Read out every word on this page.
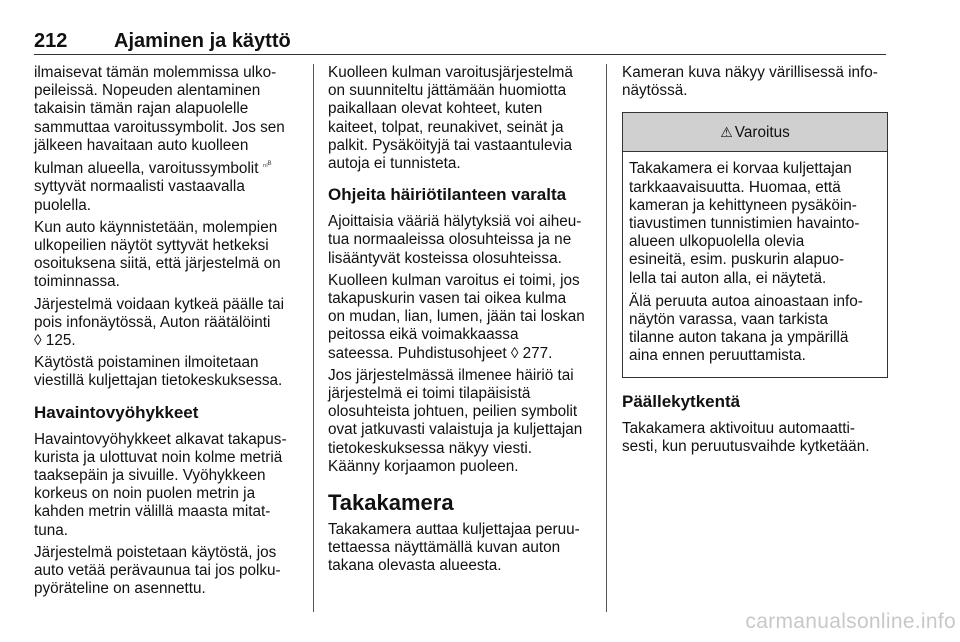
212 Ajaminen ja käyttö

ilmaisevat tämän molemmissa ulko-
peileissä. Nopeuden alentaminen
takaisin tämän rajan alapuolelle
sammuttaa varoitussymbolit. Jos sen
jälkeen havaitaan auto kuolleen
kulman alueella, varoitussymbolit $^{_{nl}ᴮ}$
syttyvät normaalisti vastaavalla
puolella.

Kun auto käynnistetään, molempien
ulkopeilien näytöt syttyvät hetkeksi
osoituksena siitä, että järjestelmä on
toiminnassa.

Järjestelmä voidaan kytkeä päälle tai
pois infonäytössä, Auton räätälöinti
◊ 125.

Käytöstä poistaminen ilmoitetaan
viestillä kuljettajan tietokeskuksessa.

Havaintovyöhykkeet

Havaintovyöhykkeet alkavat takapus-
kurista ja ulottuvat noin kolme metriä
taaksepäin ja sivuille. Vyöhykkeen
korkeus on noin puolen metrin ja
kahden metrin välillä maasta mitat-
tuna.

Järjestelmä poistetaan käytöstä, jos
auto vetää perävaunua tai jos polku-
pyöräteline on asennettu.

Kuolleen kulman varoitusjärjestelmä
on suunniteltu jättämään huomiotta
paikallaan olevat kohteet, kuten
kaiteet, tolpat, reunakivet, seinät ja
palkit. Pysäköityjä tai vastaantulevia
autoja ei tunnisteta.

Ohjeita häiriötilanteen varalta

Ajoittaisia vääriä hälytyksiä voi aiheu-
tua normaaleissa olosuhteissa ja ne
lisääntyvät kosteissa olosuhteissa.

Kuolleen kulman varoitus ei toimi, jos
takapuskurin vasen tai oikea kulma
on mudan, lian, lumen, jään tai loskan
peitossa eikä voimakkaassa
sateessa. Puhdistusohjeet ◊ 277.

Jos järjestelmässä ilmenee häiriö tai
järjestelmä ei toimi tilapäisistä
olosuhteista johtuen, peilien symbolit
ovat jatkuvasti valaistuja ja kuljettajan
tietokeskuksessa näkyy viesti.
Käänny korjaamon puoleen.

Takakamera

Takakamera auttaa kuljettajaa peruu-
tettaessa näyttämällä kuvan auton
takana olevasta alueesta.

Kameran kuva näkyy värillisessä info-
näytössä.

⚠ Varoitus

Takakamera ei korvaa kuljettajan
tarkkaavaisuutta. Huomaa, että
kameran ja kehittyneen pysäköin-
tiavustimen tunnistimien havainto-
alueen ulkopuolella olevia
esineitä, esim. puskurin alapuo-
lella tai auton alla, ei näytetä.

Älä peruuta autoa ainoastaan info-
näytön varassa, vaan tarkista
tilanne auton takana ja ympärillä
aina ennen peruuttamista.

Päällekytkentä

Takakamera aktivoituu automaatti-
sesti, kun peruutusvaihde kytketään.

carmanualsonline.info
